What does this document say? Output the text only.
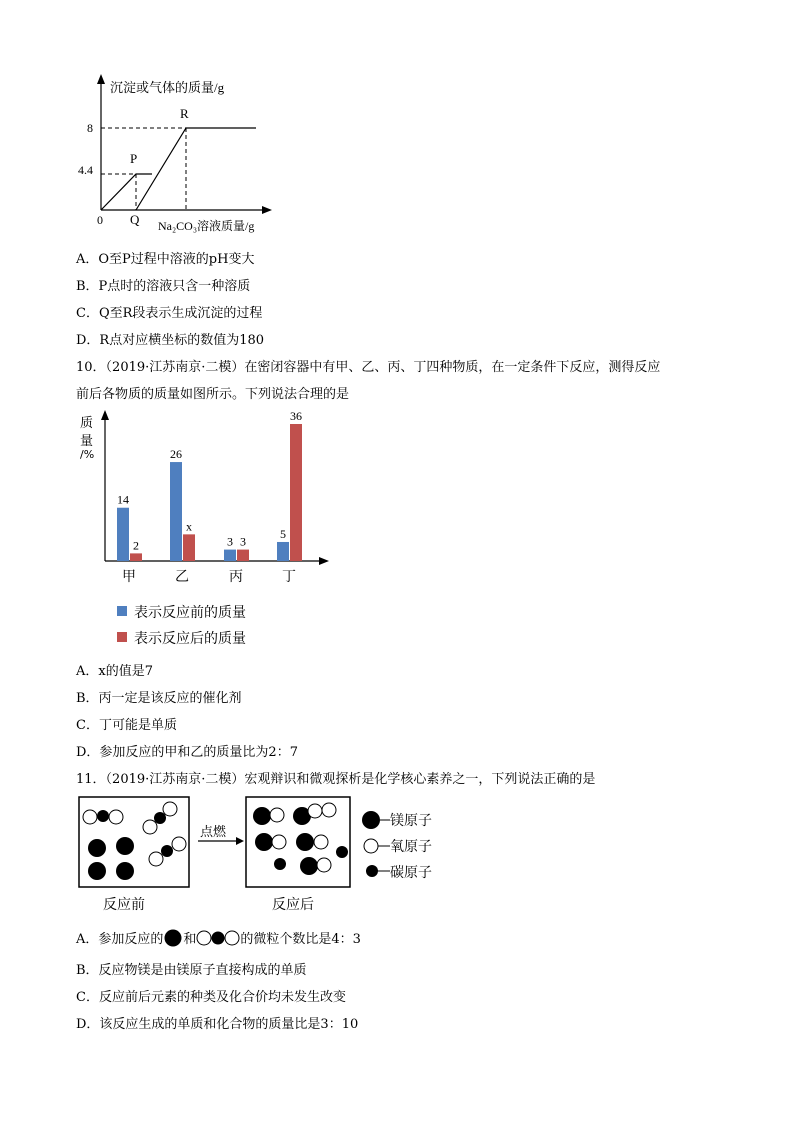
沉淀或气体的质量/g
8
4.4
0
P
Q
R
Na₂CO₃溶液质量/g
A．O至P过程中溶液的pH变大
B．P点时的溶液只含一种溶质
C．Q至R段表示生成沉淀的过程
D．R点对应横坐标的数值为180
10．（2019·江苏南京·二模）在密闭容器中有甲、乙、丙、丁四种物质，在一定条件下反应，测得反应
前后各物质的质量如图所示。下列说法合理的是
质
量
/%
14
2
甲
26
x
乙
3 3
丙
5
36
丁
表示反应前的质量
表示反应后的质量
A．x的值是7
B．丙一定是该反应的催化剂
C．丁可能是单质
D．参加反应的甲和乙的质量比为2：7
11．（2019·江苏南京·二模）宏观辩识和微观探析是化学核心素养之一，下列说法正确的是
点燃
镁原子
氧原子
碳原子
反应前	反应后
A．参加反应的 和	的微粒个数比是4：3
B．反应物镁是由镁原子直接构成的单质
C．反应前后元素的种类及化合价均未发生改变
D．该反应生成的单质和化合物的质量比是3：10
